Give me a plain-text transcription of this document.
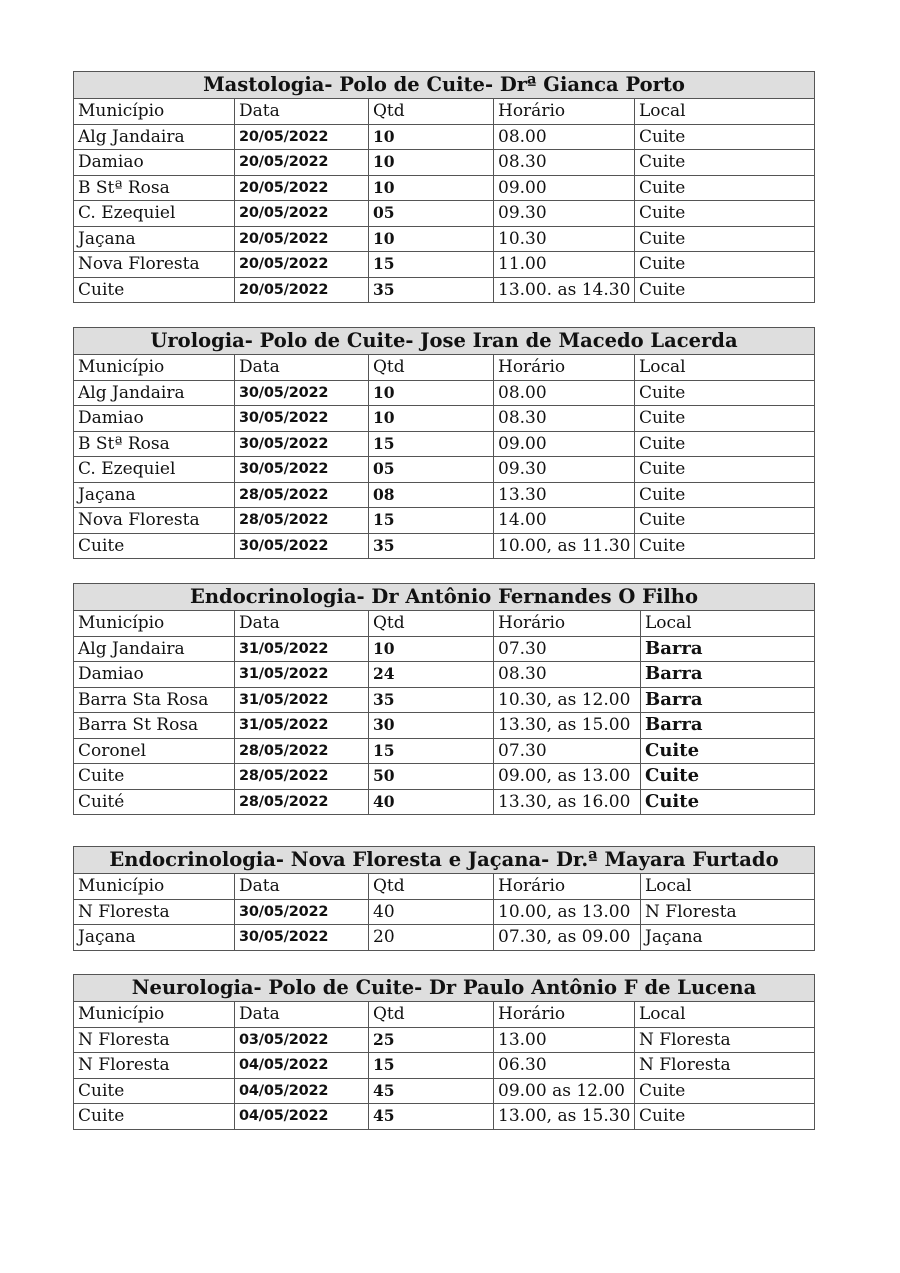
Mastologia- Polo de Cuite- Drª Gianca Porto				
Município	Data	Qtd	Horário	Local
Alg Jandaira	20/05/2022	10	08.00	Cuite
Damiao	20/05/2022	10	08.30	Cuite
B Stª Rosa	20/05/2022	10	09.00	Cuite
C. Ezequiel	20/05/2022	05	09.30	Cuite
Jaçana	20/05/2022	10	10.30	Cuite
Nova Floresta	20/05/2022	15	11.00	Cuite
Cuite	20/05/2022	35	13.00. as 14.30	Cuite
Urologia- Polo de Cuite- Jose Iran de Macedo Lacerda				
Município	Data	Qtd	Horário	Local
Alg Jandaira	30/05/2022	10	08.00	Cuite
Damiao	30/05/2022	10	08.30	Cuite
B Stª Rosa	30/05/2022	15	09.00	Cuite
C. Ezequiel	30/05/2022	05	09.30	Cuite
Jaçana	28/05/2022	08	13.30	Cuite
Nova Floresta	28/05/2022	15	14.00	Cuite
Cuite	30/05/2022	35	10.00, as 11.30	Cuite
Endocrinologia- Dr Antônio Fernandes O Filho				
Município	Data	Qtd	Horário	Local
Alg Jandaira	31/05/2022	10	07.30	Barra
Damiao	31/05/2022	24	08.30	Barra
Barra Sta Rosa	31/05/2022	35	10.30, as 12.00	Barra
Barra St Rosa	31/05/2022	30	13.30, as 15.00	Barra
Coronel	28/05/2022	15	07.30	Cuite
Cuite	28/05/2022	50	09.00, as 13.00	Cuite
Cuité	28/05/2022	40	13.30, as 16.00	Cuite
Endocrinologia- Nova Floresta e Jaçana- Dr.ª Mayara Furtado				
Município	Data	Qtd	Horário	Local
N Floresta	30/05/2022	40	10.00, as 13.00	N Floresta
Jaçana	30/05/2022	20	07.30, as 09.00	Jaçana
Neurologia- Polo de Cuite- Dr Paulo Antônio F de Lucena				
Município	Data	Qtd	Horário	Local
N Floresta	03/05/2022	25	13.00	N Floresta
N Floresta	04/05/2022	15	06.30	N Floresta
Cuite	04/05/2022	45	09.00 as 12.00	Cuite
Cuite	04/05/2022	45	13.00, as 15.30	Cuite
